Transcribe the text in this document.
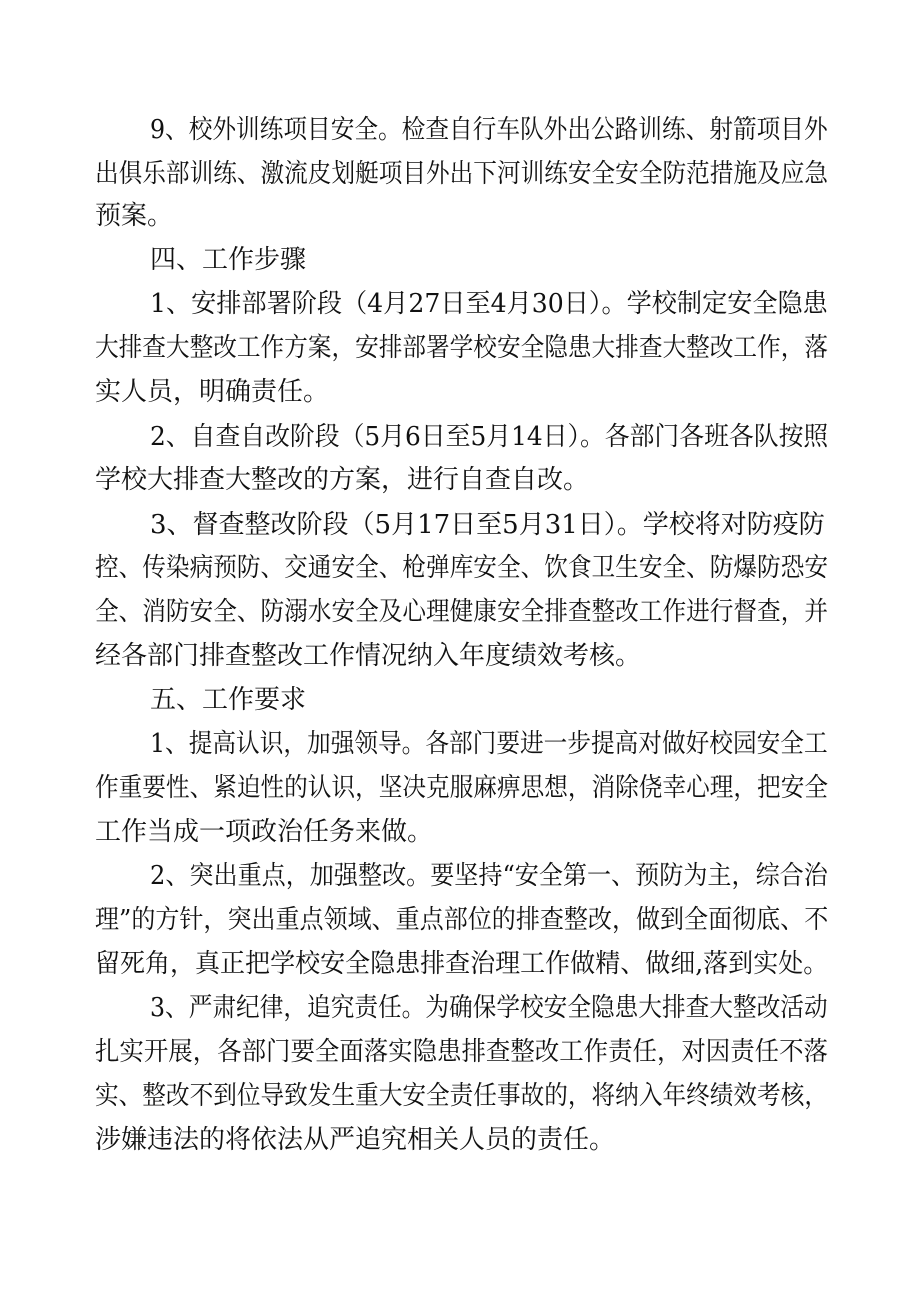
9、校外训练项目安全。检查自行车队外出公路训练、射箭项目外
出俱乐部训练、激流皮划艇项目外出下河训练安全安全防范措施及应急
预案。
四、工作步骤
1、安排部署阶段（4月27日至4月30日）。学校制定安全隐患
大排查大整改工作方案，安排部署学校安全隐患大排查大整改工作，落
实人员，明确责任。
2、自查自改阶段（5月6日至5月14日）。各部门各班各队按照
学校大排查大整改的方案，进行自查自改。
3、督查整改阶段（5月17日至5月31日）。学校将对防疫防
控、传染病预防、交通安全、枪弹库安全、饮食卫生安全、防爆防恐安
全、消防安全、防溺水安全及心理健康安全排查整改工作进行督查，并
经各部门排查整改工作情况纳入年度绩效考核。
五、工作要求
1、提高认识，加强领导。各部门要进一步提高对做好校园安全工
作重要性、紧迫性的认识，坚决克服麻痹思想，消除侥幸心理，把安全
工作当成一项政治任务来做。
2、突出重点，加强整改。要坚持“安全第一、预防为主，综合治
理”的方针，突出重点领域、重点部位的排查整改，做到全面彻底、不
留死角，真正把学校安全隐患排查治理工作做精、做细,落到实处。
3、严肃纪律，追究责任。为确保学校安全隐患大排查大整改活动
扎实开展，各部门要全面落实隐患排查整改工作责任，对因责任不落
实、整改不到位导致发生重大安全责任事故的，将纳入年终绩效考核，
涉嫌违法的将依法从严追究相关人员的责任。
